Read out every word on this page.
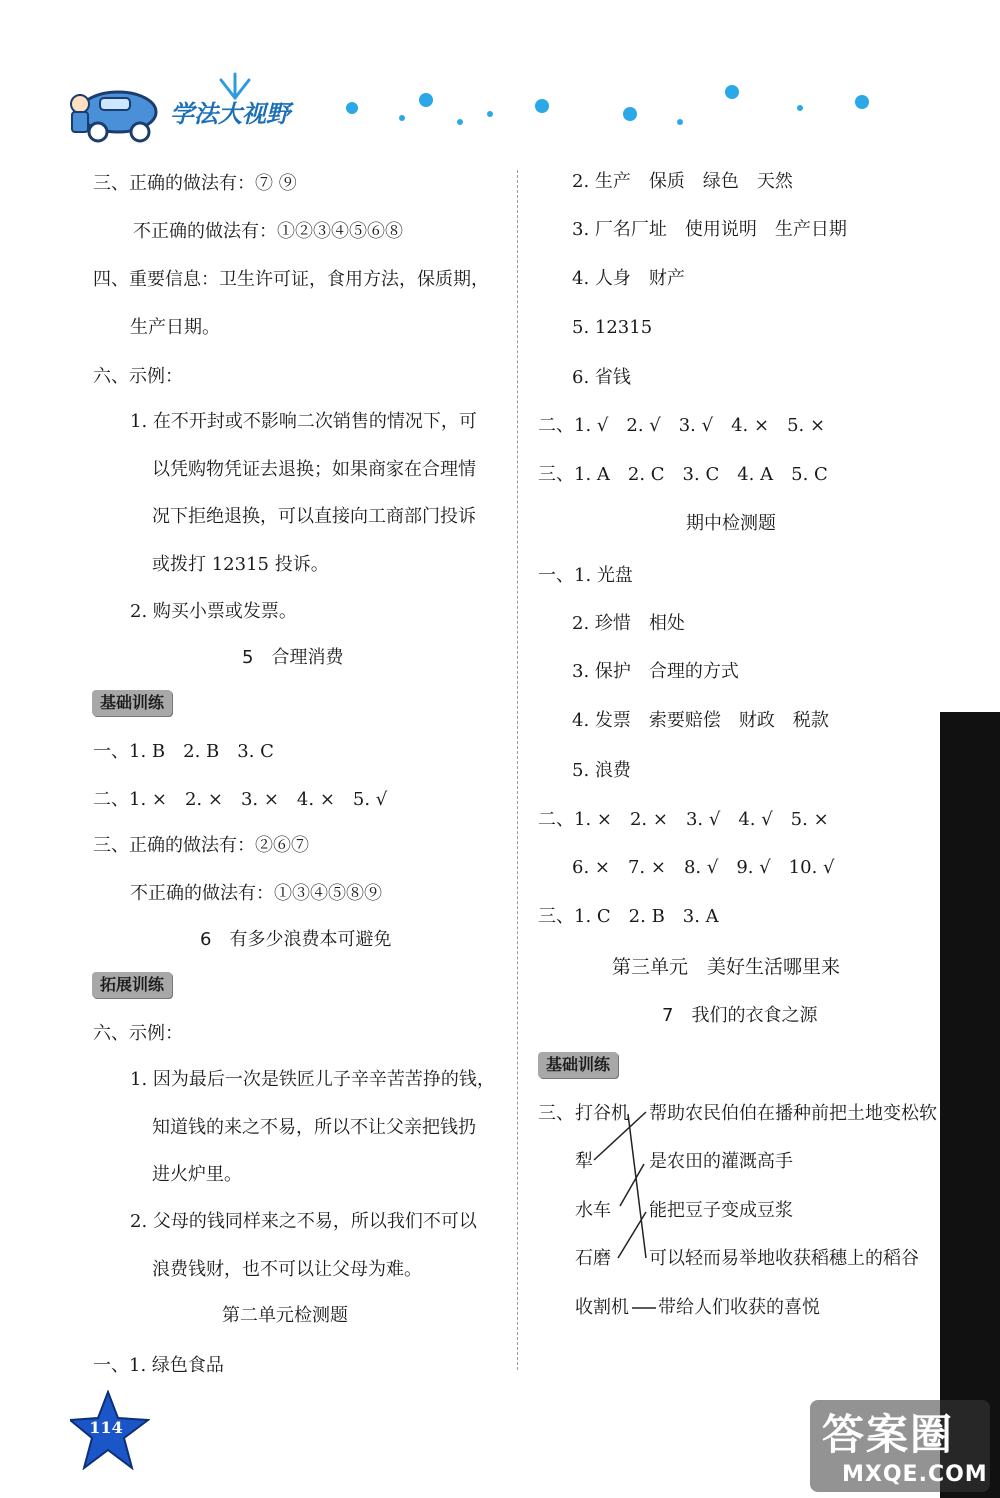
学法大视野
三、正确的做法有：⑦ ⑨
不正确的做法有：①②③④⑤⑥⑧
四、重要信息：卫生许可证，食用方法，保质期，
生产日期。
六、示例：
1. 在不开封或不影响二次销售的情况下，可
以凭购物凭证去退换；如果商家在合理情
况下拒绝退换，可以直接向工商部门投诉
或拨打 12315 投诉。
2. 购买小票或发票。
5　合理消费
基础训练
一、1. B　2. B　3. C
二、1. ×　2. ×　3. ×　4. ×　5. √
三、正确的做法有：②⑥⑦
不正确的做法有：①③④⑤⑧⑨
6　有多少浪费本可避免
拓展训练
六、示例：
1. 因为最后一次是铁匠儿子辛辛苦苦挣的钱，
知道钱的来之不易，所以不让父亲把钱扔
进火炉里。
2. 父母的钱同样来之不易，所以我们不可以
浪费钱财，也不可以让父母为难。
第二单元检测题
一、1. 绿色食品
2. 生产　保质　绿色　天然
3. 厂名厂址　使用说明　生产日期
4. 人身　财产
5. 12315
6. 省钱
二、1. √　2. √　3. √　4. ×　5. ×
三、1. A　2. C　3. C　4. A　5. C
期中检测题
一、1. 光盘
2. 珍惜　相处
3. 保护　合理的方式
4. 发票　索要赔偿　财政　税款
5. 浪费
二、1. ×　2. ×　3. √　4. √　5. ×
6. ×　7. ×　8. √　9. √　10. √
三、1. C　2. B　3. A
第三单元　美好生活哪里来
7　我们的衣食之源
基础训练
三、 打谷机
犁
水车
石磨
收割机
帮助农民伯伯在播种前把土地变松软
是农田的灌溉高手
能把豆子变成豆浆
可以轻而易举地收获稻穗上的稻谷
带给人们收获的喜悦
114	答案圈
MXQE.COM
